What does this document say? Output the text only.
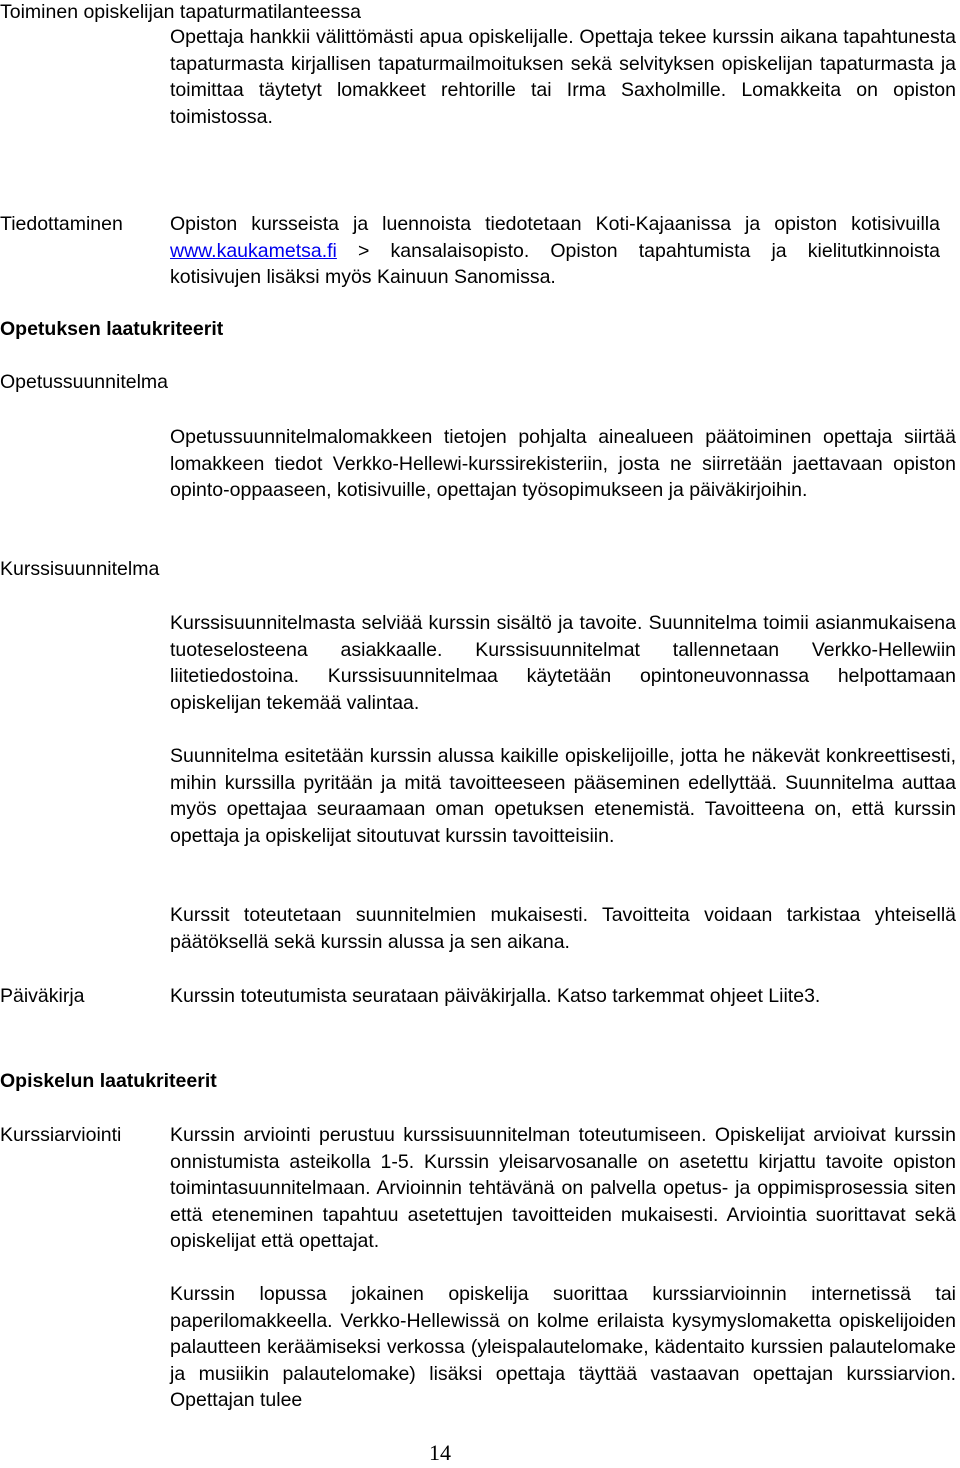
Toiminen opiskelijan tapaturmatilanteessa

Opettaja hankkii välittömästi apua opiskelijalle. Opettaja tekee kurssin aikana tapahtunesta tapaturmasta kirjallisen tapaturmailmoituksen sekä selvityksen opiskelijan tapaturmasta ja toimittaa täytetyt lomakkeet rehtorille tai Irma Saxholmille. Lomakkeita on opiston toimistossa.

Tiedottaminen Opiston kursseista ja luennoista tiedotetaan Koti-Kajaanissa ja opiston kotisivuilla www.kaukametsa.fi > kansalaisopisto. Opiston tapahtumista ja kielitutkinnoista kotisivujen lisäksi myös Kainuun Sanomissa.

Opetuksen laatukriteerit

Opetussuunnitelma

Opetussuunnitelmalomakkeen tietojen pohjalta ainealueen päätoiminen opettaja siirtää lomakkeen tiedot Verkko-Hellewi-kurssirekisteriin, josta ne siirretään jaettavaan opiston opinto-oppaaseen, kotisivuille, opettajan työsopimukseen ja päiväkirjoihin.

Kurssisuunnitelma

Kurssisuunnitelmasta selviää kurssin sisältö ja tavoite. Suunnitelma toimii asianmukaisena tuoteselosteena asiakkaalle. Kurssisuunnitelmat tallennetaan Verkko-Hellewiin liitetiedostoina. Kurssisuunnitelmaa käytetään opintoneuvonnassa helpottamaan opiskelijan tekemää valintaa.

Suunnitelma esitetään kurssin alussa kaikille opiskelijoille, jotta he näkevät konkreettisesti, mihin kurssilla pyritään ja mitä tavoitteeseen pääseminen edellyttää. Suunnitelma auttaa myös opettajaa seuraamaan oman opetuksen etenemistä. Tavoitteena on, että kurssin opettaja ja opiskelijat sitoutuvat kurssin tavoitteisiin.

Kurssit toteutetaan suunnitelmien mukaisesti. Tavoitteita voidaan tarkistaa yhteisellä päätöksellä sekä kurssin alussa ja sen aikana.

Päiväkirja	Kurssin toteutumista seurataan päiväkirjalla. Katso tarkemmat ohjeet Liite3.

Opiskelun laatukriteerit

Kurssiarviointi Kurssin arviointi perustuu kurssisuunnitelman toteutumiseen. Opiskelijat arvioivat kurssin onnistumista asteikolla 1-5. Kurssin yleisarvosanalle on asetettu kirjattu tavoite opiston toimintasuunnitelmaan. Arvioinnin tehtävänä on palvella opetus- ja oppimisprosessia siten että eteneminen tapahtuu asetettujen tavoitteiden mukaisesti. Arviointia suorittavat sekä opiskelijat että opettajat.

Kurssin lopussa jokainen opiskelija suorittaa kurssiarvioinnin internetissä tai paperilomakkeella. Verkko-Hellewissä on kolme erilaista kysymyslomaketta opiskelijoiden palautteen keräämiseksi verkossa (yleispalautelomake, kädentaito kurssien palautelomake ja musiikin palautelomake) lisäksi opettaja täyttää vastaavan opettajan kurssiarvion. Opettajan tulee

14
